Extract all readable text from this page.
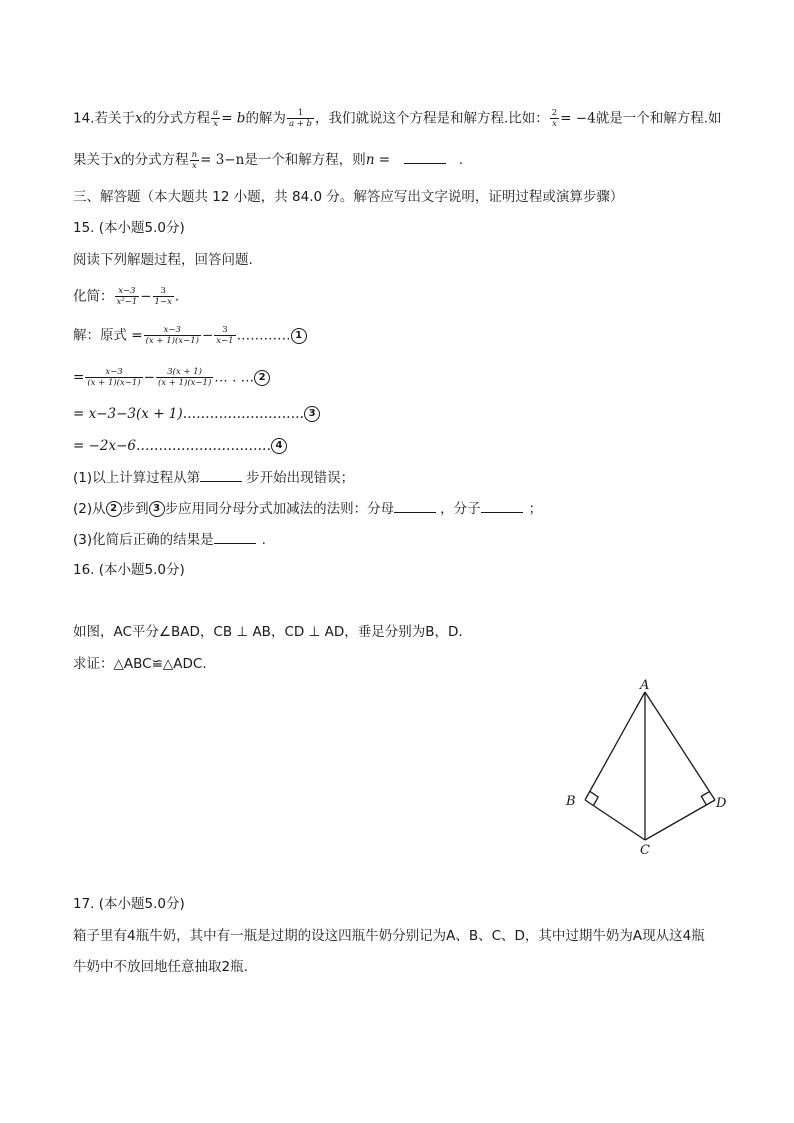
14.若关于x的分式方程 $\frac{a}{x} = b$的解为 $\frac{1}{a + b}$ ，我们就说这个方程是和解方程.比如： $\frac{2}{x} = -4$就是一个和解方程.如
果关于x的分式方程 $\frac{n}{x} = 3-n$是一个和解方程，则n =	.
三、解答题（本大题共 12 小题，共 84.0 分。解答应写出文字说明，证明过程或演算步骤）
15. (本小题5.0分)
阅读下列解题过程，回答问题.
化简： $\frac{x-3}{\text{x²−1}} - \frac{3}{1-x}$ .
解：原式 = $\frac{x-3}{(x + 1)(x-1)} - \frac{3}{x-1}$ ………… 1
= $\frac{x-3}{(x + 1)(x-1)} - \frac{3(x + 1)}{(x + 1)(x-1)}$ … . … 2
= x−3−3(x + 1)……………………… 3
= −2x−6………………………… 4
(1)以上计算过程从第	步开始出现错误；
(2)从 2 步到 3 步应用同分母分式加减法的法则：分母	，分子	；
(3)化简后正确的结果是	.
16. (本小题5.0分)
如图，AC平分∠BAD，CB ⊥ AB，CD ⊥ AD，垂足分别为B，D.
求证：△ABC≌△ADC.
A
B
C
D
17. (本小题5.0分)
箱子里有4瓶牛奶，其中有一瓶是过期的设这四瓶牛奶分别记为A、B、C、D，其中过期牛奶为A现从这4瓶
牛奶中不放回地任意抽取2瓶.
